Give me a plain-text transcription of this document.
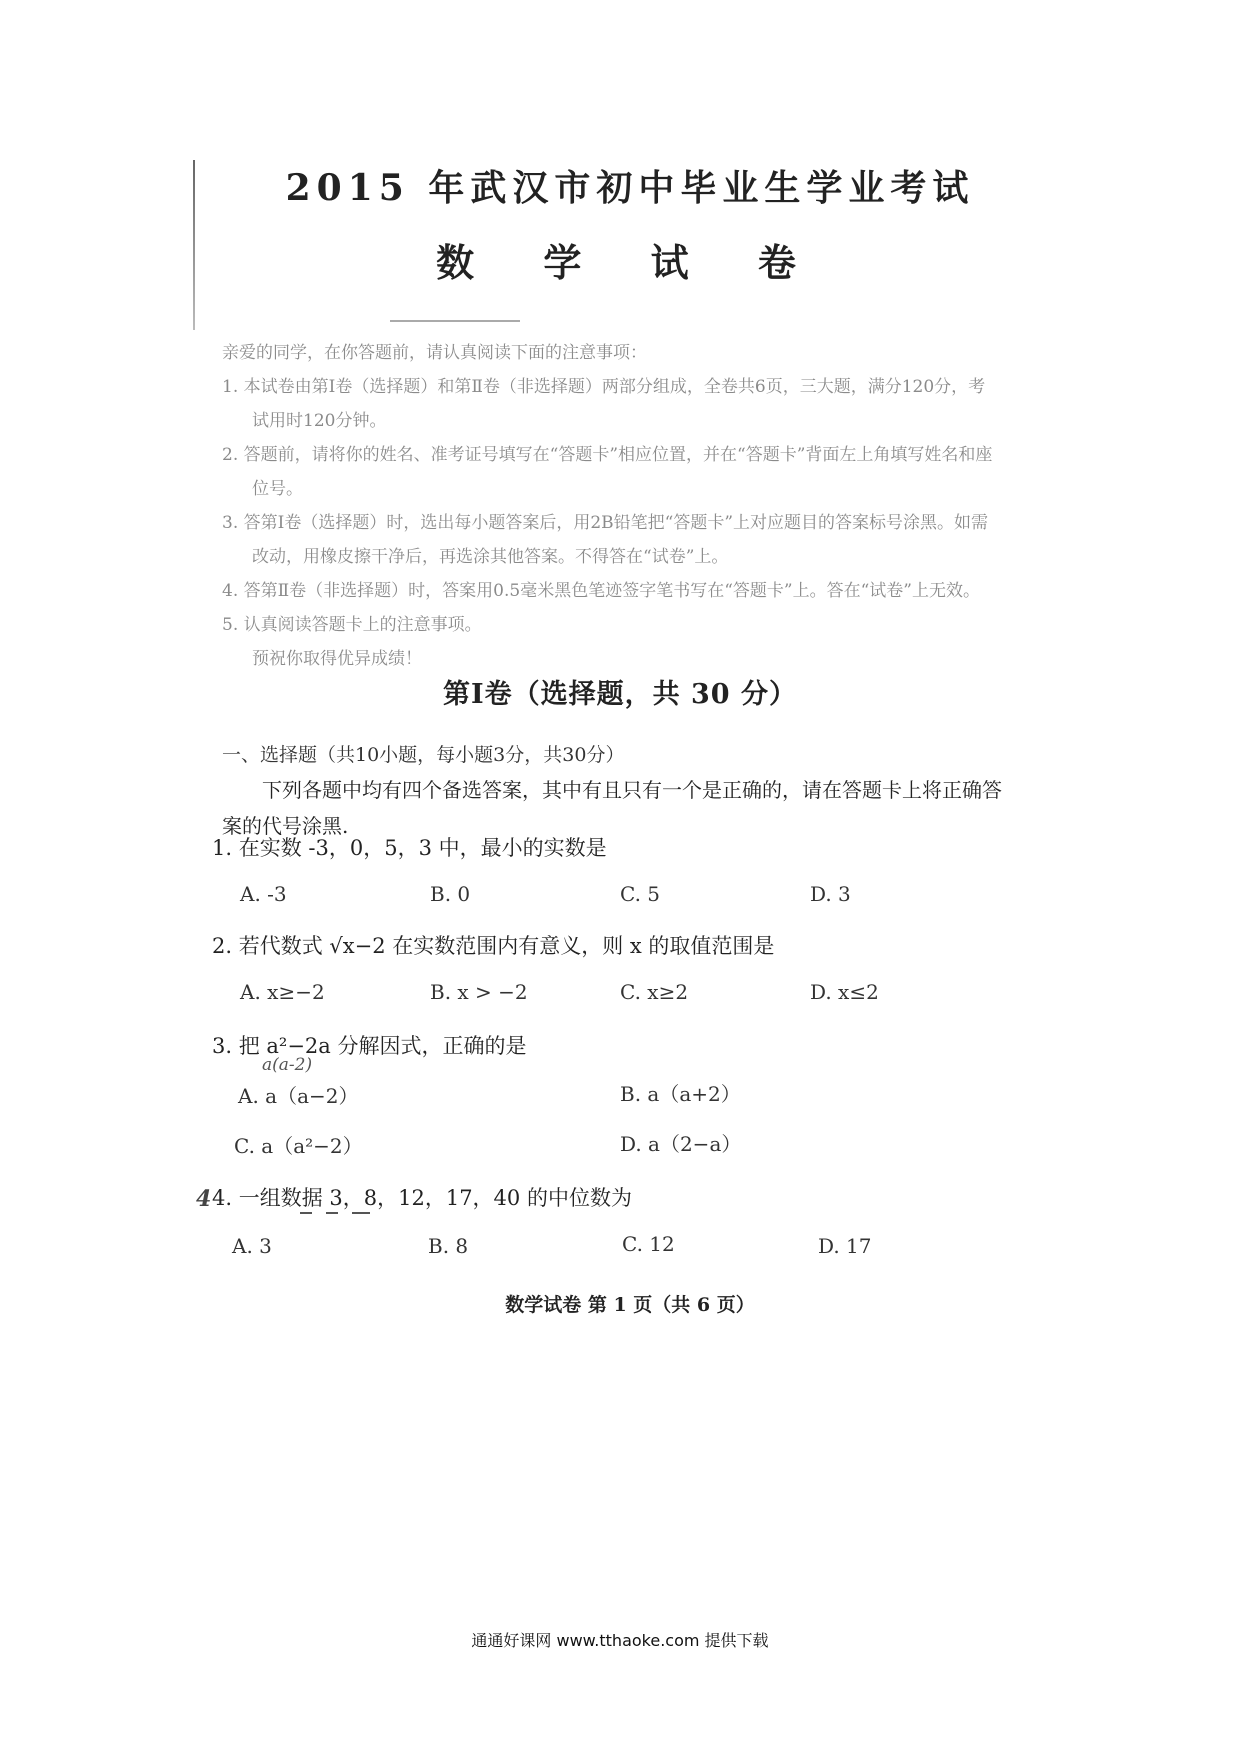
2015 年武汉市初中毕业生学业考试
数 学 试 卷

亲爱的同学，在你答题前，请认真阅读下面的注意事项：

1. 本试卷由第Ⅰ卷（选择题）和第Ⅱ卷（非选择题）两部分组成，全卷共6页，三大题，满分120分，考试用时120分钟。

2. 答题前，请将你的姓名、准考证号填写在“答题卡”相应位置，并在“答题卡”背面左上角填写姓名和座位号。

3. 答第Ⅰ卷（选择题）时，选出每小题答案后，用2B铅笔把“答题卡”上对应题目的答案标号涂黑。如需改动，用橡皮擦干净后，再选涂其他答案。不得答在“试卷”上。

4. 答第Ⅱ卷（非选择题）时，答案用0.5毫米黑色笔迹签字笔书写在“答题卡”上。答在“试卷”上无效。

5. 认真阅读答题卡上的注意事项。

预祝你取得优异成绩！

第Ⅰ卷（选择题，共 30 分）
一、选择题（共10小题，每小题3分，共30分）
下列各题中均有四个备选答案，其中有且只有一个是正确的，请在答题卡上将正确答案的代号涂黑.
1. 在实数 -3，0，5，3 中，最小的实数是
A. -3	B. 0	C. 5	D. 3
2. 若代数式 √x−2 在实数范围内有意义，则 x 的取值范围是
A. x≥−2	B. x > −2	C. x≥2	D. x≤2
3. 把 a²−2a 分解因式，正确的是
a(a-2)
A. a（a−2）	B. a（a+2）
C. a（a²−2）	D. a（2−a）
4 4. 一组数据 3，8，12，17，40 的中位数为
A. 3	B. 8	C. 12	D. 17
数学试卷 第 1 页（共 6 页）
通通好课网 www.tthaoke.com 提供下载
